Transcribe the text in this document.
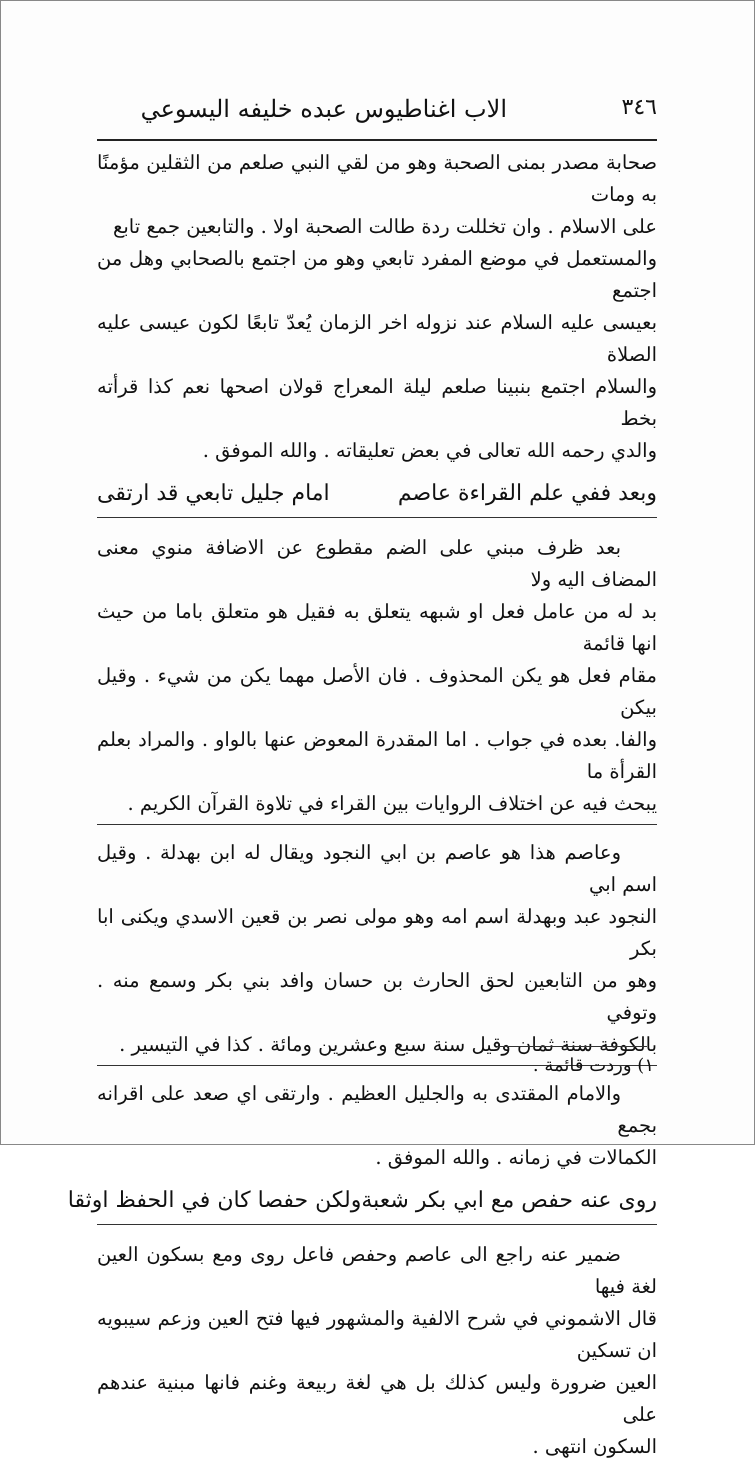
٣٤٦
الاب اغناطيوس عبده خليفه اليسوعي

صحابة مصدر بمنى الصحبة وهو من لقي النبي صلعم من الثقلين مؤمنًا به ومات

على الاسلام . وان تخللت ردة طالت الصحبة اولا . والتابعين جمع تابع

والمستعمل في موضع المفرد تابعي وهو من اجتمع بالصحابي وهل من اجتمع

بعيسى عليه السلام عند نزوله اخر الزمان يُعدّ تابعًا لكون عيسى عليه الصلاة

والسلام اجتمع بنبينا صلعم ليلة المعراج قولان اصحها نعم كذا قرأته بخط

والدي رحمه الله تعالى في بعض تعليقاته . والله الموفق .

وبعد ففي علم القراءة عاصم
امام جليل تابعي قد ارتقى

بعد ظرف مبني على الضم مقطوع عن الاضافة منوي معنى المضاف اليه ولا

بد له من عامل فعل او شبهه يتعلق به فقيل هو متعلق باما من حيث انها قائمة

مقام فعل هو يكن المحذوف . فان الأصل مهما يكن من شيء . وقيل بيكن

والفا. بعده في جواب . اما المقدرة المعوض عنها بالواو . والمراد بعلم القرأة ما

يبحث فيه عن اختلاف الروايات بين القراء في تلاوة القرآن الكريم .

وعاصم هذا هو عاصم بن ابي النجود ويقال له ابن بهدلة . وقيل اسم ابي

النجود عبد وبهدلة اسم امه وهو مولى نصر بن قعين الاسدي ويكنى ابا بكر

وهو من التابعين لحق الحارث بن حسان وافد بني بكر وسمع منه . وتوفي

بالكوفة سنة ثمان وقيل سنة سبع وعشرين ومائة . كذا في التيسير .

والامام المقتدى به والجليل العظيم . وارتقى اي صعد على اقرانه بجمع

الكمالات في زمانه . والله الموفق .

روى عنه حفص مع ابي بكر شعبة
ولكن حفصا كان في الحفظ اوثقا

ضمير عنه راجع الى عاصم وحفص فاعل روى ومع بسكون العين لغة فيها

قال الاشموني في شرح الالفية والمشهور فيها فتح العين وزعم سيبويه ان تسكين

العين ضرورة وليس كذلك بل هي لغة ربيعة وغنم فانها مبنية عندهم على

السكون انتهى .

١) وردت قائمة .
